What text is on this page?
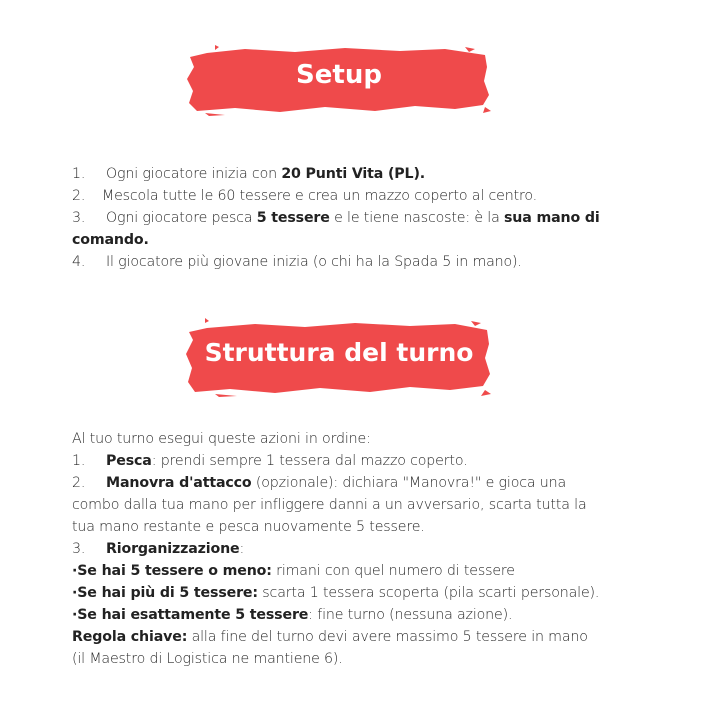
Setup
1. Ogni giocatore inizia con 20 Punti Vita (PL).
2. Mescola tutte le 60 tessere e crea un mazzo coperto al centro.
3. Ogni giocatore pesca 5 tessere e le tiene nascoste: è la sua mano di
comando.
4. Il giocatore più giovane inizia (o chi ha la Spada 5 in mano).
Struttura del turno
Al tuo turno esegui queste azioni in ordine:
1. Pesca: prendi sempre 1 tessera dal mazzo coperto.
2. Manovra d'attacco (opzionale): dichiara "Manovra!" e gioca una
combo dalla tua mano per infliggere danni a un avversario, scarta tutta la
tua mano restante e pesca nuovamente 5 tessere.
3. Riorganizzazione:
·Se hai 5 tessere o meno: rimani con quel numero di tessere
·Se hai più di 5 tessere: scarta 1 tessera scoperta (pila scarti personale).
·Se hai esattamente 5 tessere: fine turno (nessuna azione).
Regola chiave: alla fine del turno devi avere massimo 5 tessere in mano
(il Maestro di Logistica ne mantiene 6).
